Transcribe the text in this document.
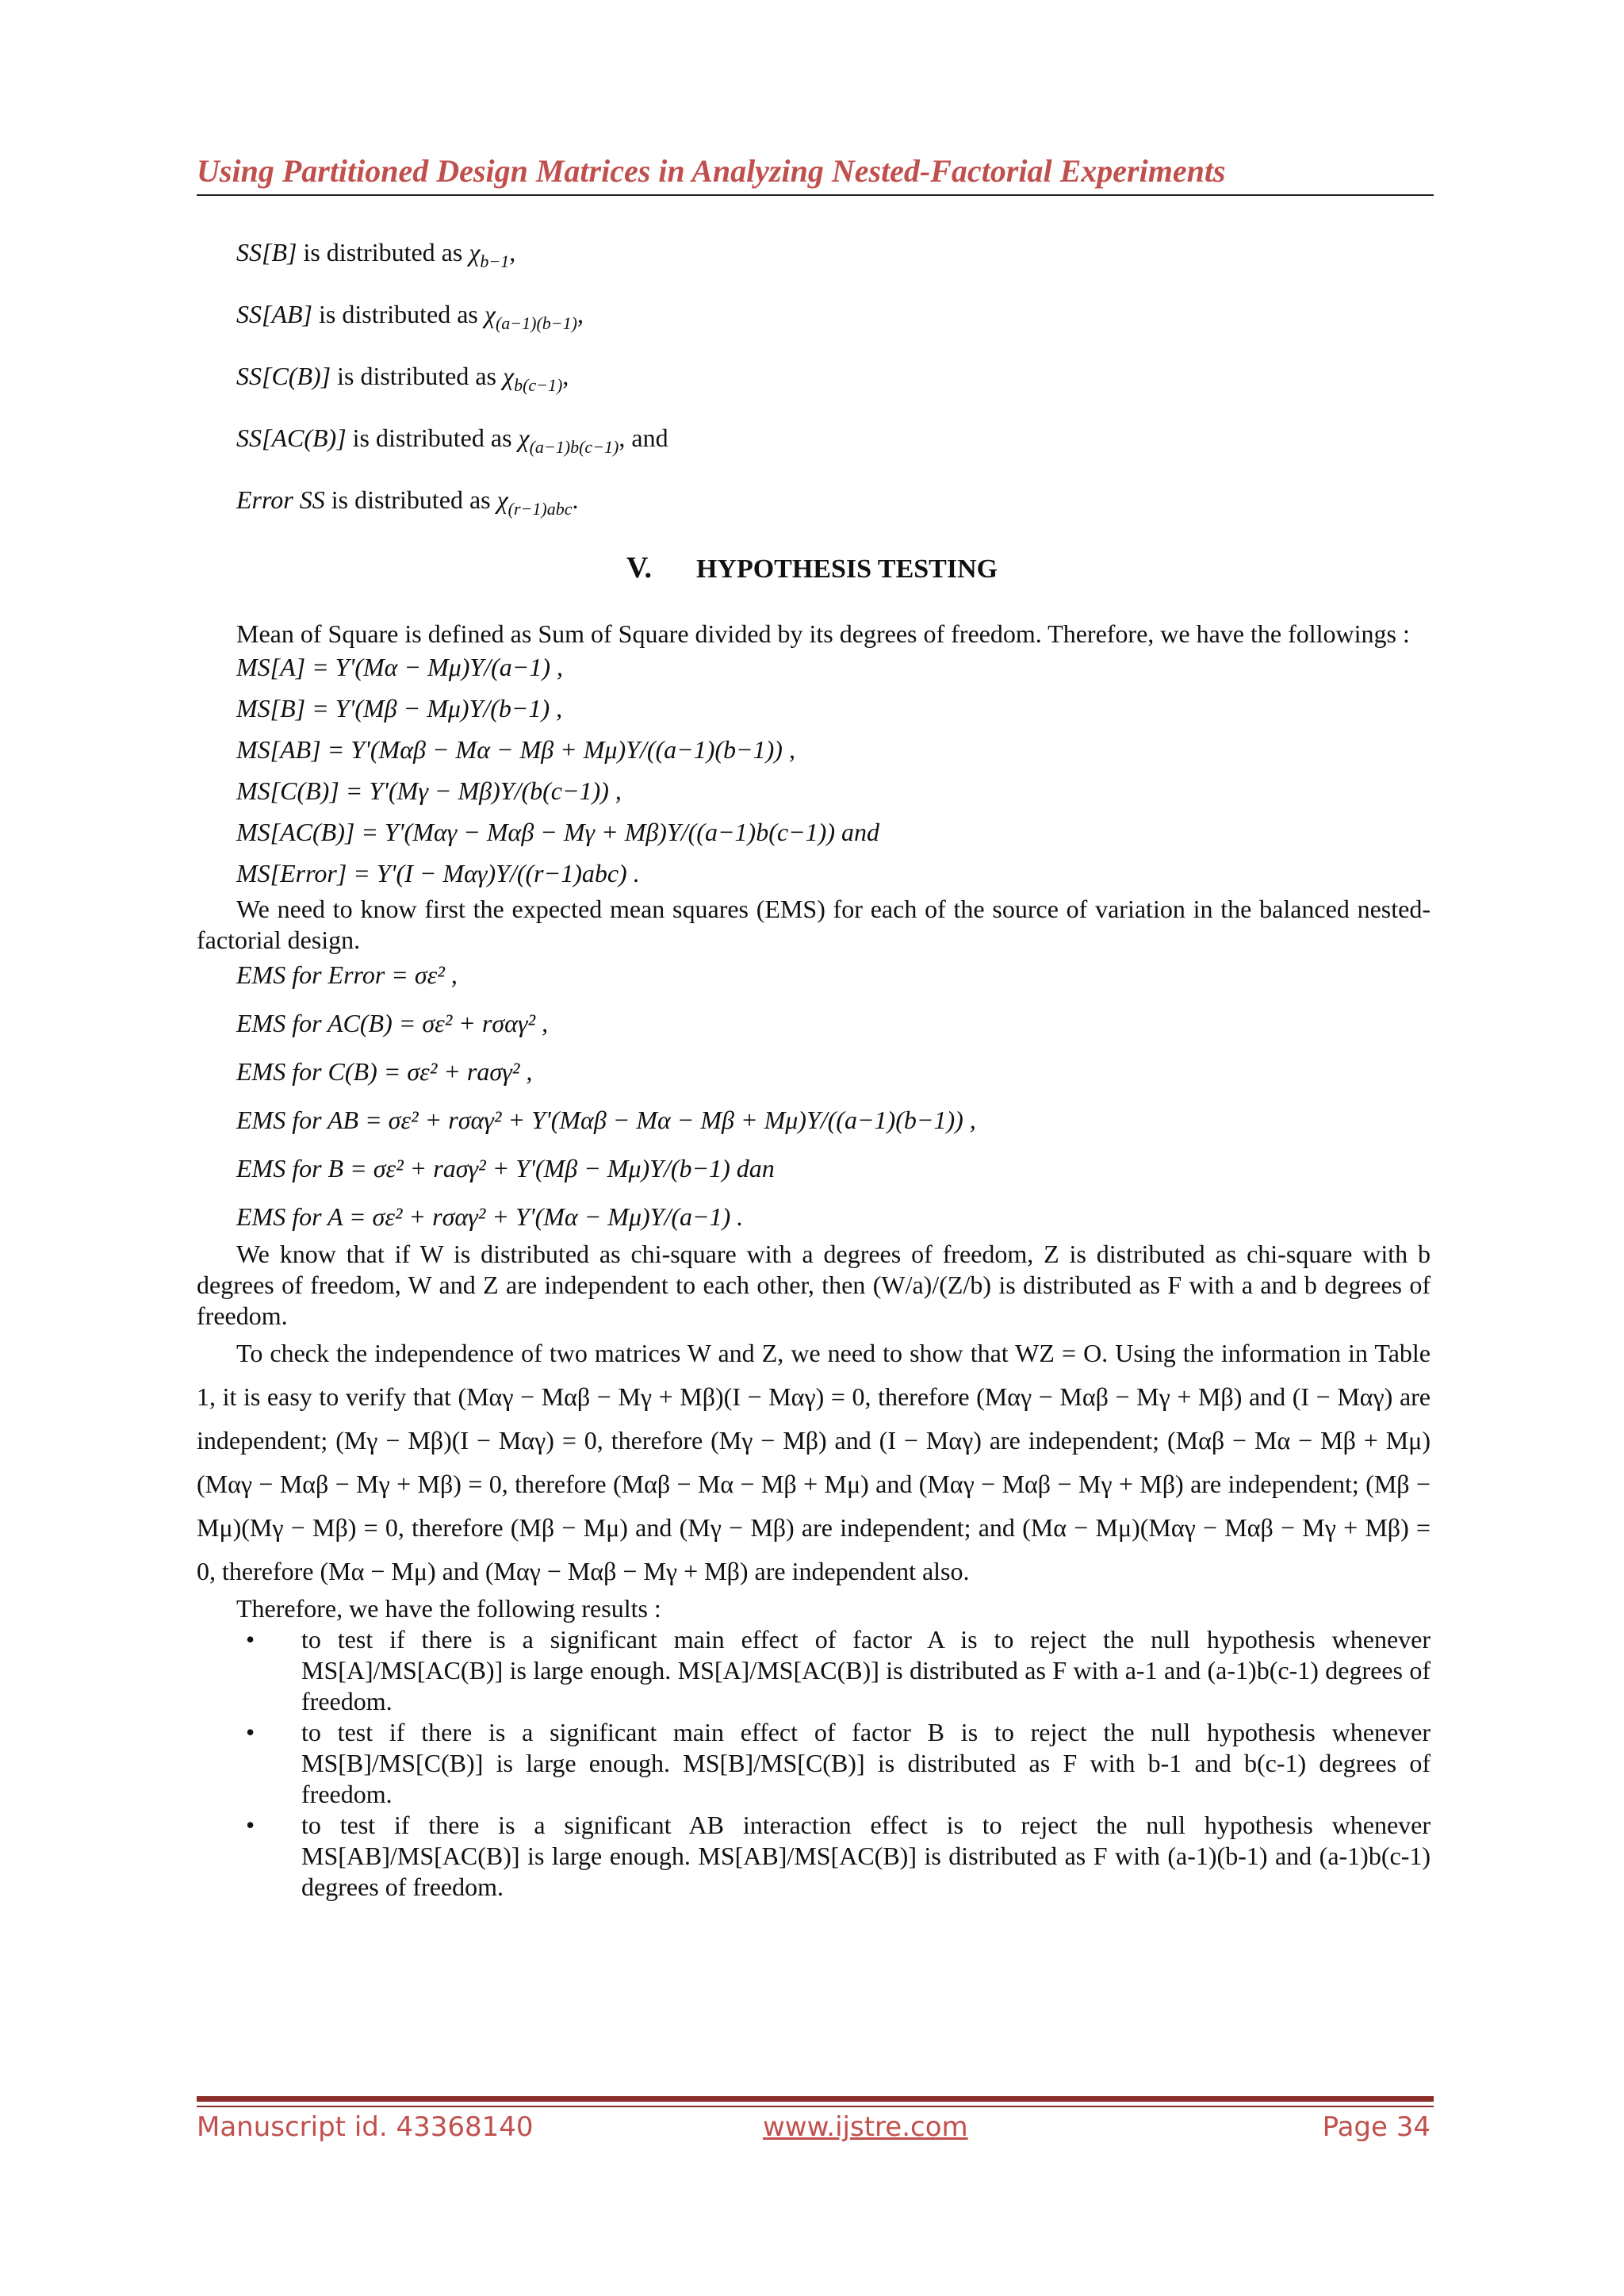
Using Partitioned Design Matrices in Analyzing Nested-Factorial Experiments
SS[B] is distributed as $\chi_{b-1}$,
SS[AB] is distributed as $\chi_{(a-1)(b-1)}$,
SS[C(B)] is distributed as $\chi_{b(c-1)}$,
SS[AC(B)] is distributed as $\chi_{(a-1)b(c-1)}$, and
Error SS is distributed as $\chi_{(r-1)abc}$.
V. HYPOTHESIS TESTING
Mean of Square is defined as Sum of Square divided by its degrees of freedom. Therefore, we have the followings :
MS[A] = Y'(Mα − Mμ)Y/(a−1) ,
MS[B] = Y'(Mβ − Mμ)Y/(b−1) ,
MS[AB] = Y'(Mαβ − Mα − Mβ + Mμ)Y/((a−1)(b−1)) ,
MS[C(B)] = Y'(Mγ − Mβ)Y/(b(c−1)) ,
MS[AC(B)] = Y'(Mαγ − Mαβ − Mγ + Mβ)Y/((a−1)b(c−1)) and
MS[Error] = Y'(I − Mαγ)Y/((r−1)abc) .
We need to know first the expected mean squares (EMS) for each of the source of variation in the balanced nested-factorial design.
EMS for Error = σε² ,
EMS for AC(B) = σε² + rσαγ² ,
EMS for C(B) = σε² + raσγ² ,
EMS for AB = σε² + rσαγ² + Y'(Mαβ − Mα − Mβ + Mμ)Y/((a−1)(b−1)) ,
EMS for B = σε² + raσγ² + Y'(Mβ − Mμ)Y/(b−1) dan
EMS for A = σε² + rσαγ² + Y'(Mα − Mμ)Y/(a−1) .
We know that if W is distributed as chi-square with a degrees of freedom, Z is distributed as chi-square with b degrees of freedom, W and Z are independent to each other, then (W/a)/(Z/b) is distributed as F with a and b degrees of freedom.
To check the independence of two matrices W and Z, we need to show that WZ = O. Using the information in Table 1, it is easy to verify that (Mαγ − Mαβ − Mγ + Mβ)(I − Mαγ) = 0, therefore (Mαγ − Mαβ − Mγ + Mβ) and (I − Mαγ) are independent; (Mγ − Mβ)(I − Mαγ) = 0, therefore (Mγ − Mβ) and (I − Mαγ) are independent; (Mαβ − Mα − Mβ + Mμ)(Mαγ − Mαβ − Mγ + Mβ) = 0, therefore (Mαβ − Mα − Mβ + Mμ) and (Mαγ − Mαβ − Mγ + Mβ) are independent; (Mβ − Mμ)(Mγ − Mβ) = 0, therefore (Mβ − Mμ) and (Mγ − Mβ) are independent; and (Mα − Mμ)(Mαγ − Mαβ − Mγ + Mβ) = 0, therefore (Mα − Mμ) and (Mαγ − Mαβ − Mγ + Mβ) are independent also.
Therefore, we have the following results :
• to test if there is a significant main effect of factor A is to reject the null hypothesis whenever MS[A]/MS[AC(B)] is large enough. MS[A]/MS[AC(B)] is distributed as F with a-1 and (a-1)b(c-1) degrees of freedom.
• to test if there is a significant main effect of factor B is to reject the null hypothesis whenever MS[B]/MS[C(B)] is large enough. MS[B]/MS[C(B)] is distributed as F with b-1 and b(c-1) degrees of freedom.
• to test if there is a significant AB interaction effect is to reject the null hypothesis whenever MS[AB]/MS[AC(B)] is large enough. MS[AB]/MS[AC(B)] is distributed as F with (a-1)(b-1) and (a-1)b(c-1) degrees of freedom.
Manuscript id. 43368140	www.ijstre.com	Page 34
